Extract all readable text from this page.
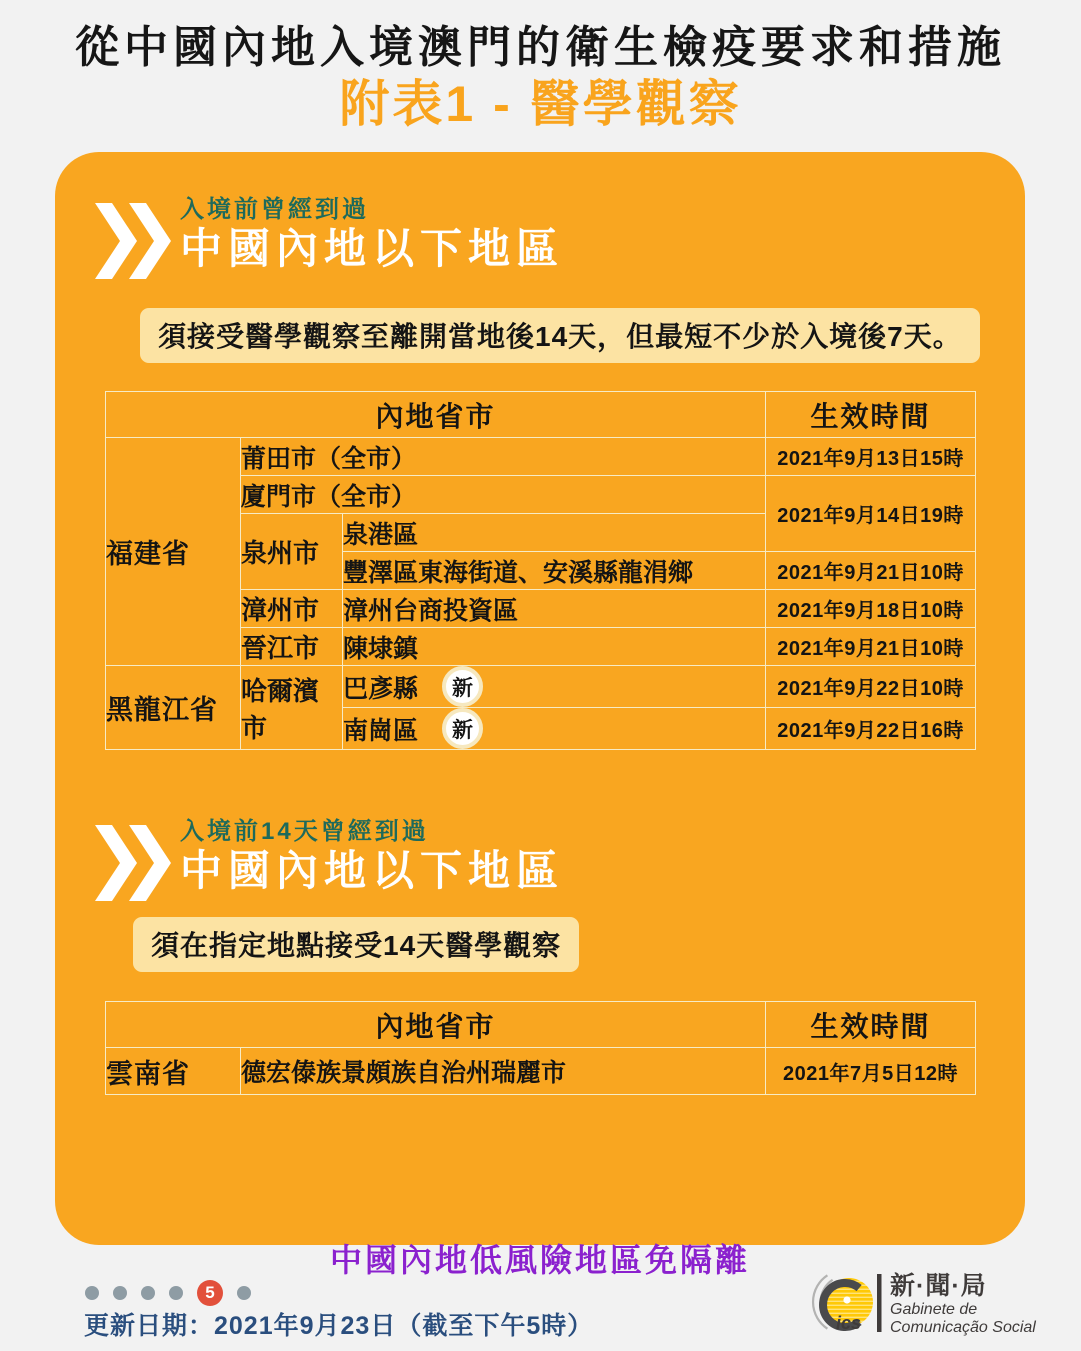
從中國內地入境澳門的衛生檢疫要求和措施
附表1 - 醫學觀察
入境前曾經到過
中國內地以下地區
須接受醫學觀察至離開當地後14天，但最短不少於入境後7天。
內地省市			生效時間
福建省	莆田市（全市）		2021年9月13日15時
	廈門市（全市）		2021年9月14日19時
	泉州市	泉港區	
		豐澤區東海街道、安溪縣龍涓鄉	2021年9月21日10時
	漳州市	漳州台商投資區	2021年9月18日10時
	晉江市	陳埭鎮	2021年9月21日10時
黑龍江省	哈爾濱市	巴彥縣 新	2021年9月22日10時

		南崗區 新	2021年9月22日16時
入境前14天曾經到過
中國內地以下地區
須在指定地點接受14天醫學觀察
內地省市		生效時間
雲南省	德宏傣族景頗族自治州瑞麗市	2021年7月5日12時
中國內地低風險地區免隔離
5
更新日期：2021年9月23日（截至下午5時）	ics
新·聞·局
Gabinete de
Comunicação Social
